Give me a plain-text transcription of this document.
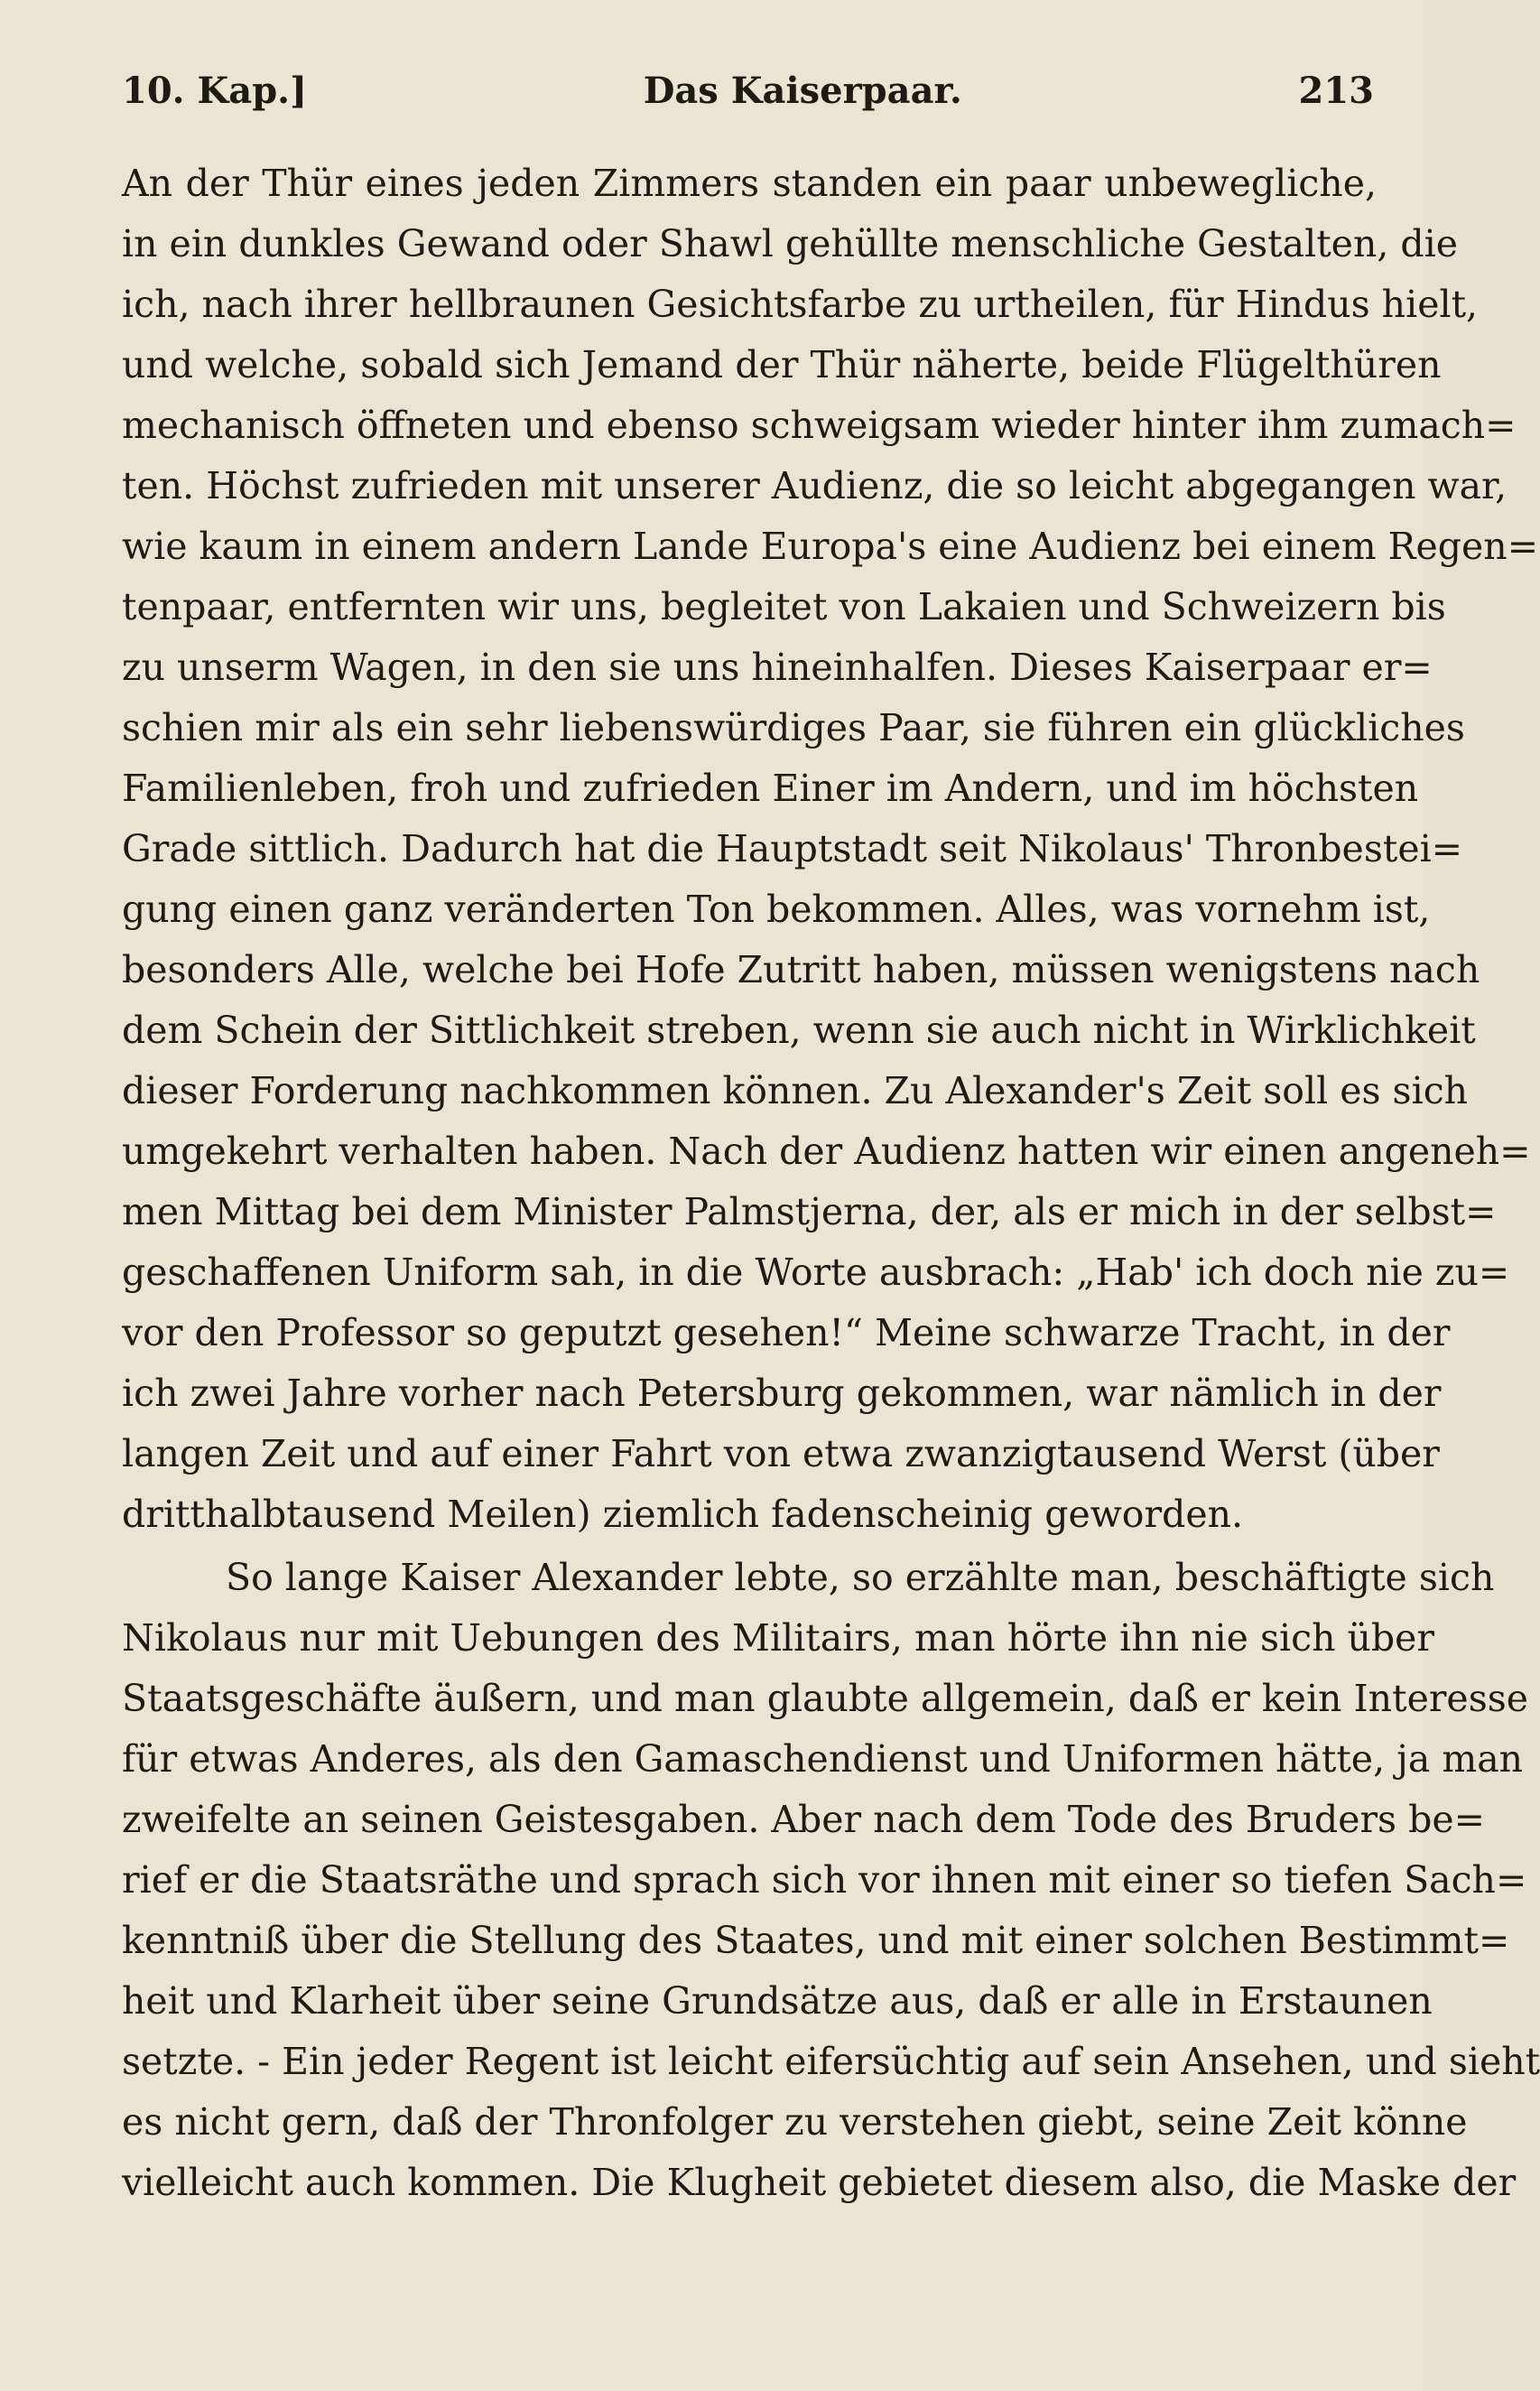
10. Kap.]	Das Kaiserpaar.	213
An der Thür eines jeden Zimmers standen ein paar unbewegliche,
in ein dunkles Gewand oder Shawl gehüllte menschliche Gestalten, die
ich, nach ihrer hellbraunen Gesichtsfarbe zu urtheilen, für Hindus hielt,
und welche, sobald sich Jemand der Thür näherte, beide Flügelthüren
mechanisch öffneten und ebenso schweigsam wieder hinter ihm zumach=
ten. Höchst zufrieden mit unserer Audienz, die so leicht abgegangen war,
wie kaum in einem andern Lande Europa's eine Audienz bei einem Regen=
tenpaar, entfernten wir uns, begleitet von Lakaien und Schweizern bis
zu unserm Wagen, in den sie uns hineinhalfen. Dieses Kaiserpaar er=
schien mir als ein sehr liebenswürdiges Paar, sie führen ein glückliches
Familienleben, froh und zufrieden Einer im Andern, und im höchsten
Grade sittlich. Dadurch hat die Hauptstadt seit Nikolaus' Thronbestei=
gung einen ganz veränderten Ton bekommen. Alles, was vornehm ist,
besonders Alle, welche bei Hofe Zutritt haben, müssen wenigstens nach
dem Schein der Sittlichkeit streben, wenn sie auch nicht in Wirklichkeit
dieser Forderung nachkommen können. Zu Alexander's Zeit soll es sich
umgekehrt verhalten haben. Nach der Audienz hatten wir einen angeneh=
men Mittag bei dem Minister Palmstjerna, der, als er mich in der selbst=
geschaffenen Uniform sah, in die Worte ausbrach: „Hab' ich doch nie zu=
vor den Professor so geputzt gesehen!“ Meine schwarze Tracht, in der
ich zwei Jahre vorher nach Petersburg gekommen, war nämlich in der
langen Zeit und auf einer Fahrt von etwa zwanzigtausend Werst (über
dritthalbtausend Meilen) ziemlich fadenscheinig geworden.
So lange Kaiser Alexander lebte, so erzählte man, beschäftigte sich
Nikolaus nur mit Uebungen des Militairs, man hörte ihn nie sich über
Staatsgeschäfte äußern, und man glaubte allgemein, daß er kein Interesse
für etwas Anderes, als den Gamaschendienst und Uniformen hätte, ja man
zweifelte an seinen Geistesgaben. Aber nach dem Tode des Bruders be=
rief er die Staatsräthe und sprach sich vor ihnen mit einer so tiefen Sach=
kenntniß über die Stellung des Staates, und mit einer solchen Bestimmt=
heit und Klarheit über seine Grundsätze aus, daß er alle in Erstaunen
setzte. - Ein jeder Regent ist leicht eifersüchtig auf sein Ansehen, und sieht
es nicht gern, daß der Thronfolger zu verstehen giebt, seine Zeit könne
vielleicht auch kommen. Die Klugheit gebietet diesem also, die Maske der
